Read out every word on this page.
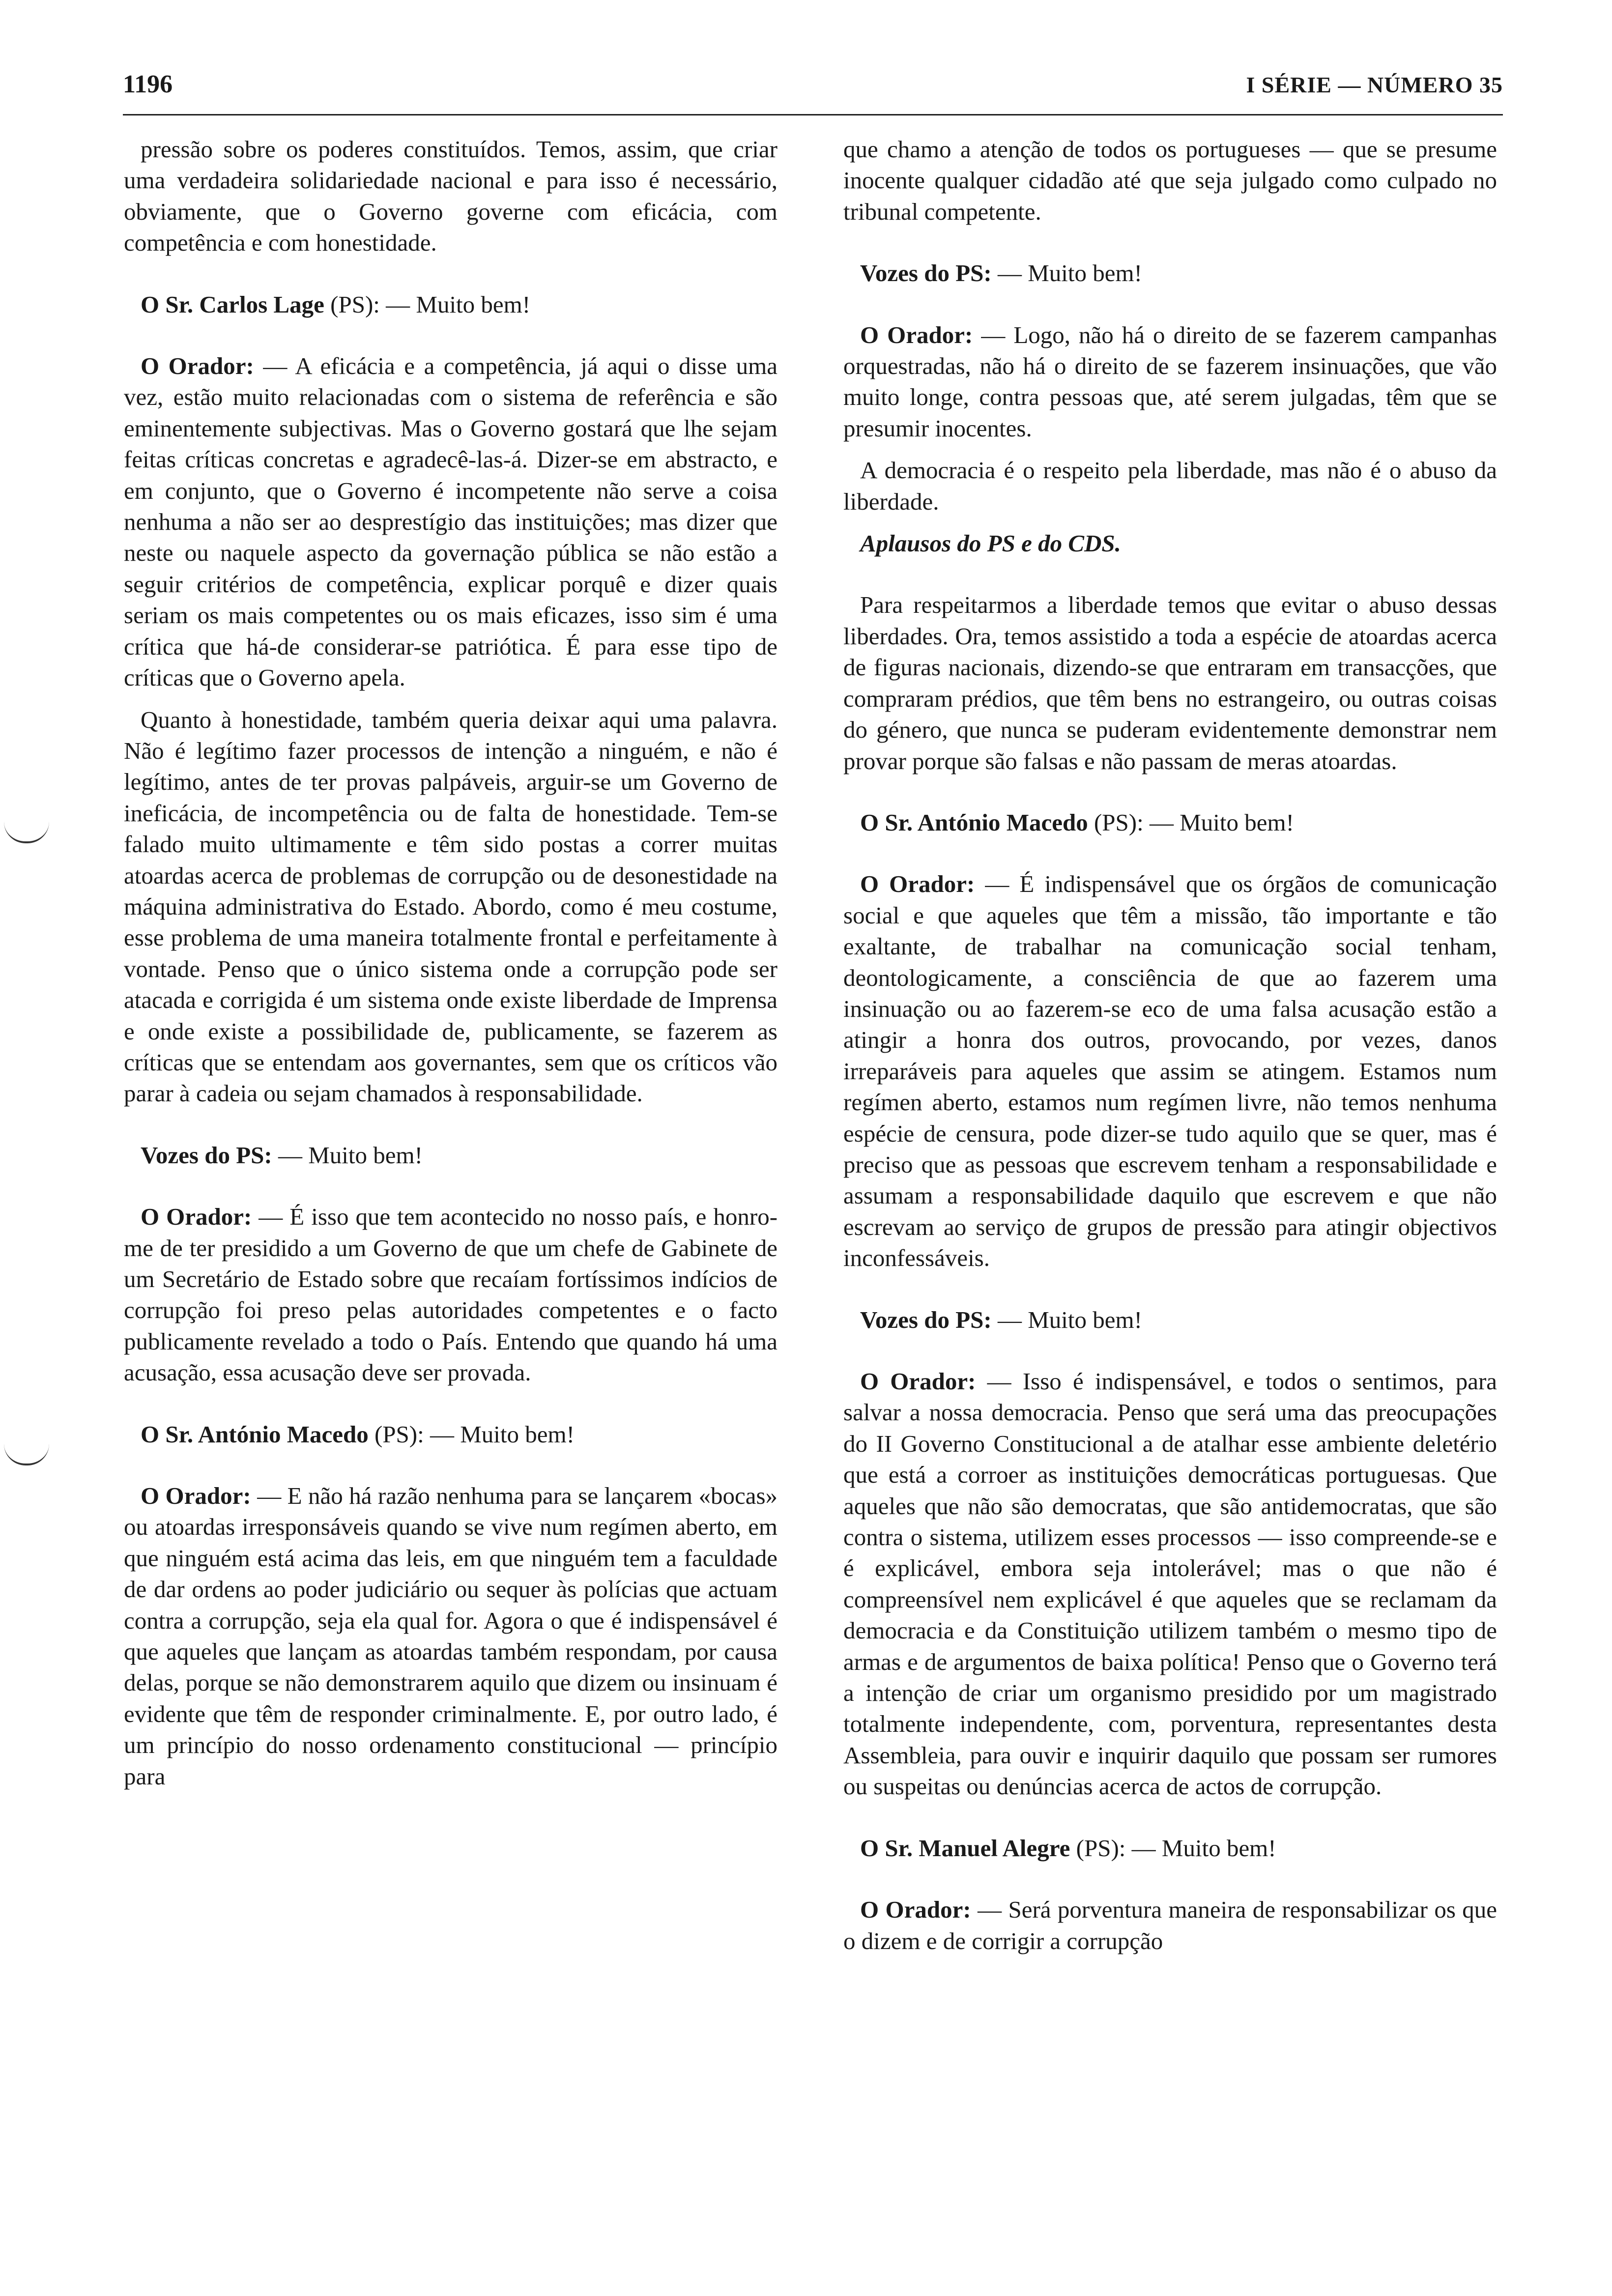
1196	I SÉRIE — NÚMERO 35

pressão sobre os poderes constituídos. Temos, assim, que criar uma verdadeira solidariedade nacional e para isso é necessário, obviamente, que o Governo governe com eficácia, com competência e com honestidade.

O Sr. Carlos Lage (PS): — Muito bem!

O Orador: — A eficácia e a competência, já aqui o disse uma vez, estão muito relacionadas com o sistema de referência e são eminentemente subjectivas. Mas o Governo gostará que lhe sejam feitas críticas concretas e agradecê-las-á. Dizer-se em abstracto, e em conjunto, que o Governo é incompetente não serve a coisa nenhuma a não ser ao desprestígio das instituições; mas dizer que neste ou naquele aspecto da governação pública se não estão a seguir critérios de competência, explicar porquê e dizer quais seriam os mais competentes ou os mais eficazes, isso sim é uma crítica que há-de considerar-se patriótica. É para esse tipo de críticas que o Governo apela.

Quanto à honestidade, também queria deixar aqui uma palavra. Não é legítimo fazer processos de intenção a ninguém, e não é legítimo, antes de ter provas palpáveis, arguir-se um Governo de ineficácia, de incompetência ou de falta de honestidade. Tem-se falado muito ultimamente e têm sido postas a correr muitas atoardas acerca de problemas de corrupção ou de desonestidade na máquina administrativa do Estado. Abordo, como é meu costume, esse problema de uma maneira totalmente frontal e perfeitamente à vontade. Penso que o único sistema onde a corrupção pode ser atacada e corrigida é um sistema onde existe liberdade de Imprensa e onde existe a possibilidade de, publicamente, se fazerem as críticas que se entendam aos governantes, sem que os críticos vão parar à cadeia ou sejam chamados à responsabilidade.

Vozes do PS: — Muito bem!

O Orador: — É isso que tem acontecido no nosso país, e honro-me de ter presidido a um Governo de que um chefe de Gabinete de um Secretário de Estado sobre que recaíam fortíssimos indícios de corrupção foi preso pelas autoridades competentes e o facto publicamente revelado a todo o País. Entendo que quando há uma acusação, essa acusação deve ser provada.

O Sr. António Macedo (PS): — Muito bem!

O Orador: — E não há razão nenhuma para se lançarem «bocas» ou atoardas irresponsáveis quando se vive num regímen aberto, em que ninguém está acima das leis, em que ninguém tem a faculdade de dar ordens ao poder judiciário ou sequer às polícias que actuam contra a corrupção, seja ela qual for. Agora o que é indispensável é que aqueles que lançam as atoardas também respondam, por causa delas, porque se não demonstrarem aquilo que dizem ou insinuam é evidente que têm de responder criminalmente. E, por outro lado, é um princípio do nosso ordenamento constitucional — princípio para

que chamo a atenção de todos os portugueses — que se presume inocente qualquer cidadão até que seja julgado como culpado no tribunal competente.

Vozes do PS: — Muito bem!

O Orador: — Logo, não há o direito de se fazerem campanhas orquestradas, não há o direito de se fazerem insinuações, que vão muito longe, contra pessoas que, até serem julgadas, têm que se presumir inocentes.

A democracia é o respeito pela liberdade, mas não é o abuso da liberdade.

Aplausos do PS e do CDS.

Para respeitarmos a liberdade temos que evitar o abuso dessas liberdades. Ora, temos assistido a toda a espécie de atoardas acerca de figuras nacionais, dizendo-se que entraram em transacções, que compraram prédios, que têm bens no estrangeiro, ou outras coisas do género, que nunca se puderam evidentemente demonstrar nem provar porque são falsas e não passam de meras atoardas.

O Sr. António Macedo (PS): — Muito bem!

O Orador: — É indispensável que os órgãos de comunicação social e que aqueles que têm a missão, tão importante e tão exaltante, de trabalhar na comunicação social tenham, deontologicamente, a consciência de que ao fazerem uma insinuação ou ao fazerem-se eco de uma falsa acusação estão a atingir a honra dos outros, provocando, por vezes, danos irreparáveis para aqueles que assim se atingem. Estamos num regímen aberto, estamos num regímen livre, não temos nenhuma espécie de censura, pode dizer-se tudo aquilo que se quer, mas é preciso que as pessoas que escrevem tenham a responsabilidade e assumam a responsabilidade daquilo que escrevem e que não escrevam ao serviço de grupos de pressão para atingir objectivos inconfessáveis.

Vozes do PS: — Muito bem!

O Orador: — Isso é indispensável, e todos o sentimos, para salvar a nossa democracia. Penso que será uma das preocupações do II Governo Constitucional a de atalhar esse ambiente deletério que está a corroer as instituições democráticas portuguesas. Que aqueles que não são democratas, que são antidemocratas, que são contra o sistema, utilizem esses processos — isso compreende-se e é explicável, embora seja intolerável; mas o que não é compreensível nem explicável é que aqueles que se reclamam da democracia e da Constituição utilizem também o mesmo tipo de armas e de argumentos de baixa política! Penso que o Governo terá a intenção de criar um organismo presidido por um magistrado totalmente independente, com, porventura, representantes desta Assembleia, para ouvir e inquirir daquilo que possam ser rumores ou suspeitas ou denúncias acerca de actos de corrupção.

O Sr. Manuel Alegre (PS): — Muito bem!

O Orador: — Será porventura maneira de responsabilizar os que o dizem e de corrigir a corrupção
